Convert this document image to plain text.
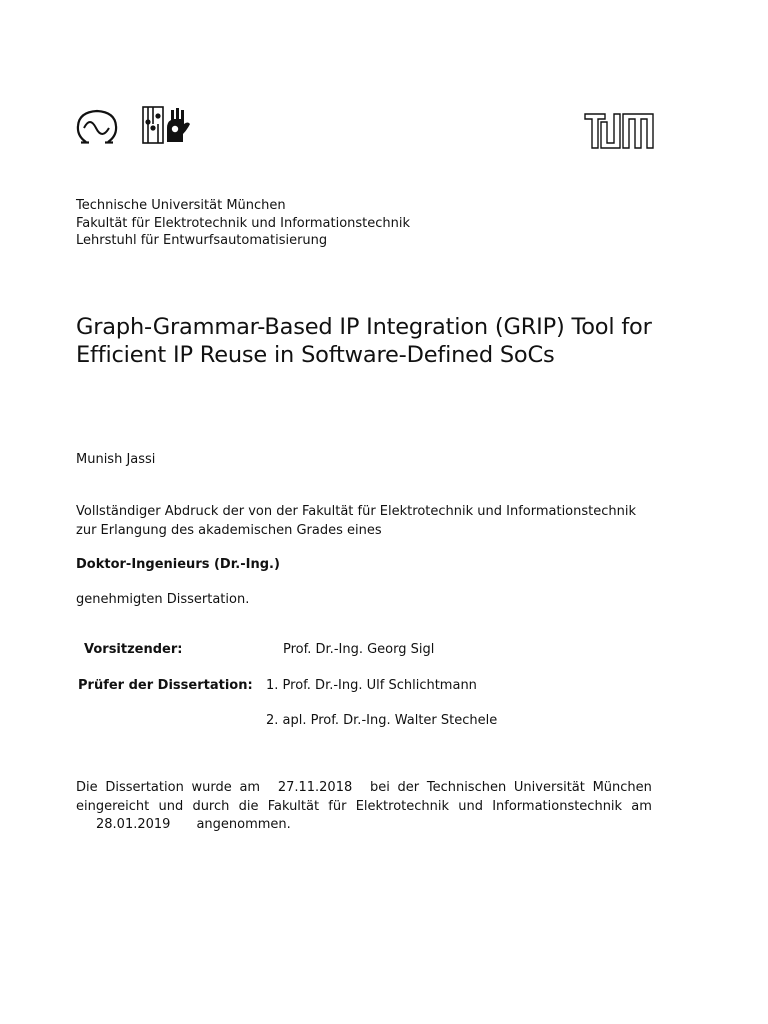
Technische Universität München
Fakultät für Elektrotechnik und Informationstechnik
Lehrstuhl für Entwurfsautomatisierung
Graph-Grammar-Based IP Integration (GRIP) Tool for
Efficient IP Reuse in Software-Defined SoCs
Munish Jassi
Vollständiger Abdruck der von der Fakultät für Elektrotechnik und Informationstechnik zur Erlangung des akademischen Grades eines
Doktor-Ingenieurs (Dr.-Ing.)
genehmigten Dissertation.
Vorsitzender:	Prof. Dr.-Ing. Georg Sigl
Prüfer der Dissertation: 1. Prof. Dr.-Ing. Ulf Schlichtmann
2. apl. Prof. Dr.-Ing. Walter Stechele
Die Dissertation wurde am	27.11.2018	bei der Technischen Universität München
eingereicht und durch die Fakultät für Elektrotechnik und Informationstechnik am
28.01.2019 angenommen.
